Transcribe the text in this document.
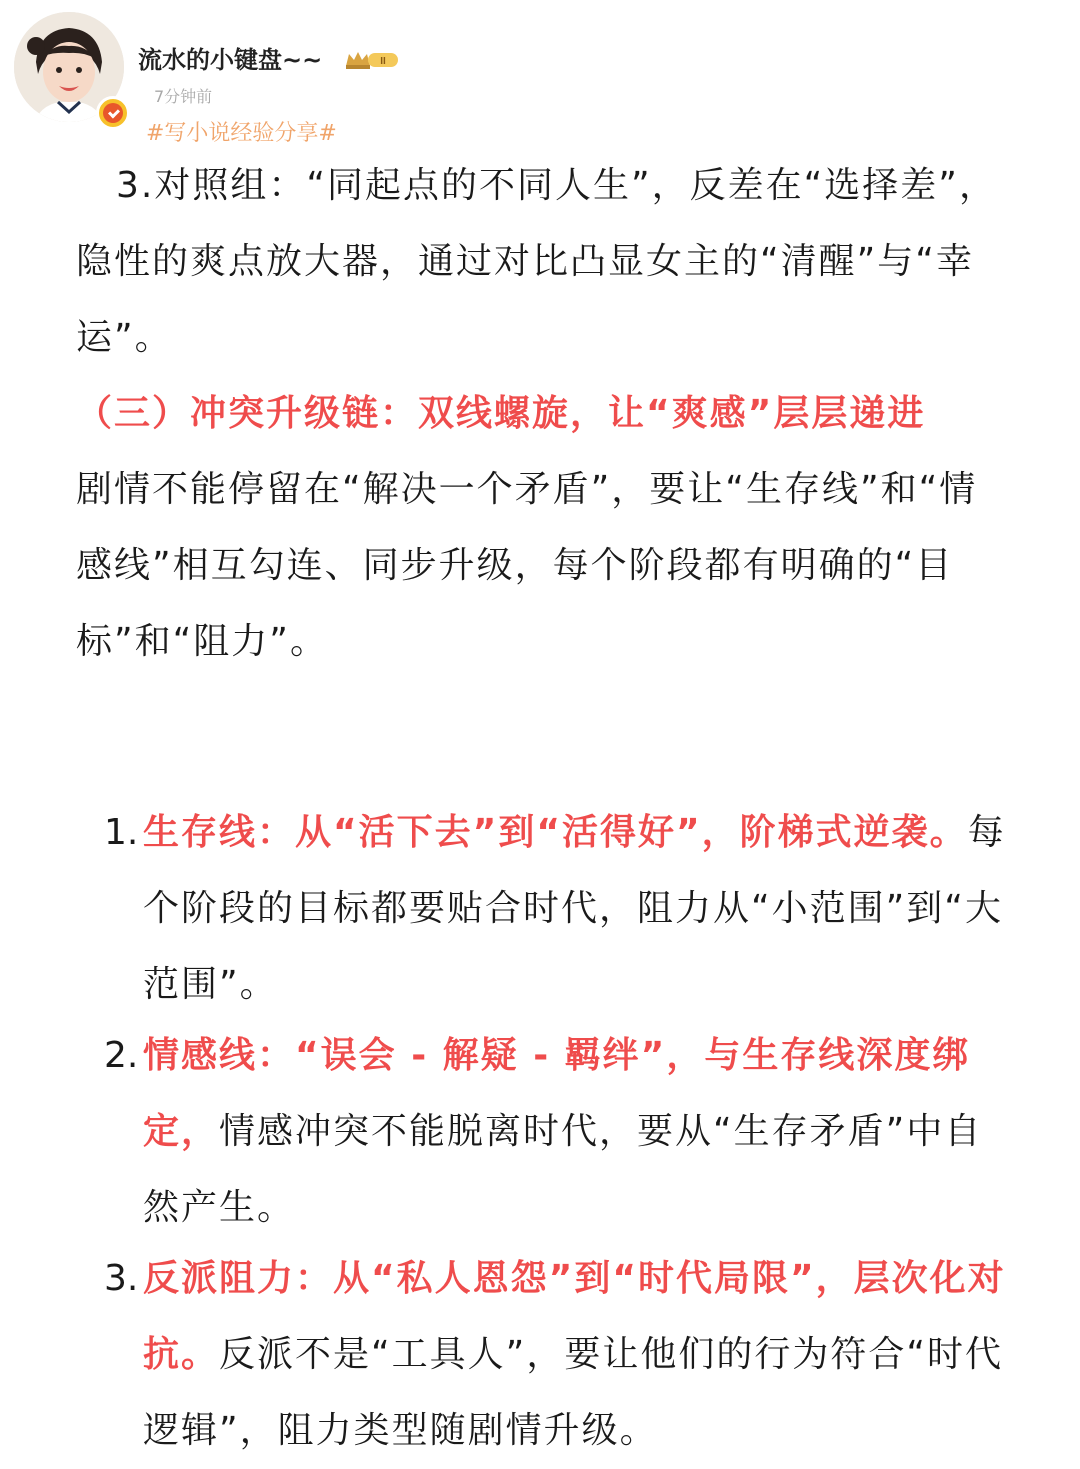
流水的小键盘~~	II
7分钟前
#写小说经验分享#

3.对照组：“同起点的不同人生”，反差在“选择差”，隐性的爽点放大器，通过对比凸显女主的“清醒”与“幸运”。

（三）冲突升级链：双线螺旋，让“爽感”层层递进

剧情不能停留在“解决一个矛盾”，要让“生存线”和“情感线”相互勾连、同步升级，每个阶段都有明确的“目标”和“阻力”。

1. 生存线：从“活下去”到“活得好”，阶梯式逆袭。每个阶段的目标都要贴合时代，阻力从“小范围”到“大范围”。

2. 情感线：“误会 - 解疑 - 羁绊”，与生存线深度绑定，情感冲突不能脱离时代，要从“生存矛盾”中自然产生。

3. 反派阻力：从“私人恩怨”到“时代局限”，层次化对抗。反派不是“工具人”，要让他们的行为符合“时代逻辑”，阻力类型随剧情升级。
